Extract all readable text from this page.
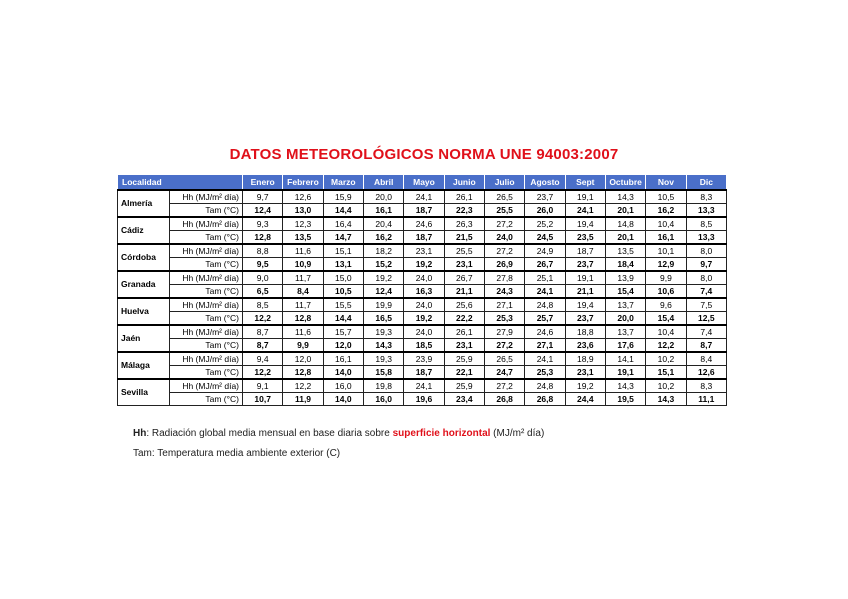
DATOS METEOROLÓGICOS NORMA UNE 94003:2007
Localidad		Enero	Febrero	Marzo	Abril	Mayo	Junio	Julio	Agosto	Sept	Octubre	Nov	Dic
Almería	Hh (MJ/m² día)	9,7	12,6	15,9	20,0	24,1	26,1	26,5	23,7	19,1	14,3	10,5	8,3
	Tam (°C)	12,4	13,0	14,4	16,1	18,7	22,3	25,5	26,0	24,1	20,1	16,2	13,3
Cádiz	Hh (MJ/m² día)	9,3	12,3	16,4	20,4	24,6	26,3	27,2	25,2	19,4	14,8	10,4	8,5
	Tam (°C)	12,8	13,5	14,7	16,2	18,7	21,5	24,0	24,5	23,5	20,1	16,1	13,3
Córdoba	Hh (MJ/m² día)	8,8	11,6	15,1	18,2	23,1	25,5	27,2	24,9	18,7	13,5	10,1	8,0
	Tam (°C)	9,5	10,9	13,1	15,2	19,2	23,1	26,9	26,7	23,7	18,4	12,9	9,7
Granada	Hh (MJ/m² día)	9,0	11,7	15,0	19,2	24,0	26,7	27,8	25,1	19,1	13,9	9,9	8,0
	Tam (°C)	6,5	8,4	10,5	12,4	16,3	21,1	24,3	24,1	21,1	15,4	10,6	7,4
Huelva	Hh (MJ/m² día)	8,5	11,7	15,5	19,9	24,0	25,6	27,1	24,8	19,4	13,7	9,6	7,5
	Tam (°C)	12,2	12,8	14,4	16,5	19,2	22,2	25,3	25,7	23,7	20,0	15,4	12,5
Jaén	Hh (MJ/m² día)	8,7	11,6	15,7	19,3	24,0	26,1	27,9	24,6	18,8	13,7	10,4	7,4
	Tam (°C)	8,7	9,9	12,0	14,3	18,5	23,1	27,2	27,1	23,6	17,6	12,2	8,7
Málaga	Hh (MJ/m² día)	9,4	12,0	16,1	19,3	23,9	25,9	26,5	24,1	18,9	14,1	10,2	8,4
	Tam (°C)	12,2	12,8	14,0	15,8	18,7	22,1	24,7	25,3	23,1	19,1	15,1	12,6
Sevilla	Hh (MJ/m² día)	9,1	12,2	16,0	19,8	24,1	25,9	27,2	24,8	19,2	14,3	10,2	8,3
	Tam (°C)	10,7	11,9	14,0	16,0	19,6	23,4	26,8	26,8	24,4	19,5	14,3	11,1
Hh: Radiación global media mensual en base diaria sobre superficie horizontal (MJ/m² día)
Tam: Temperatura media ambiente exterior (C)
